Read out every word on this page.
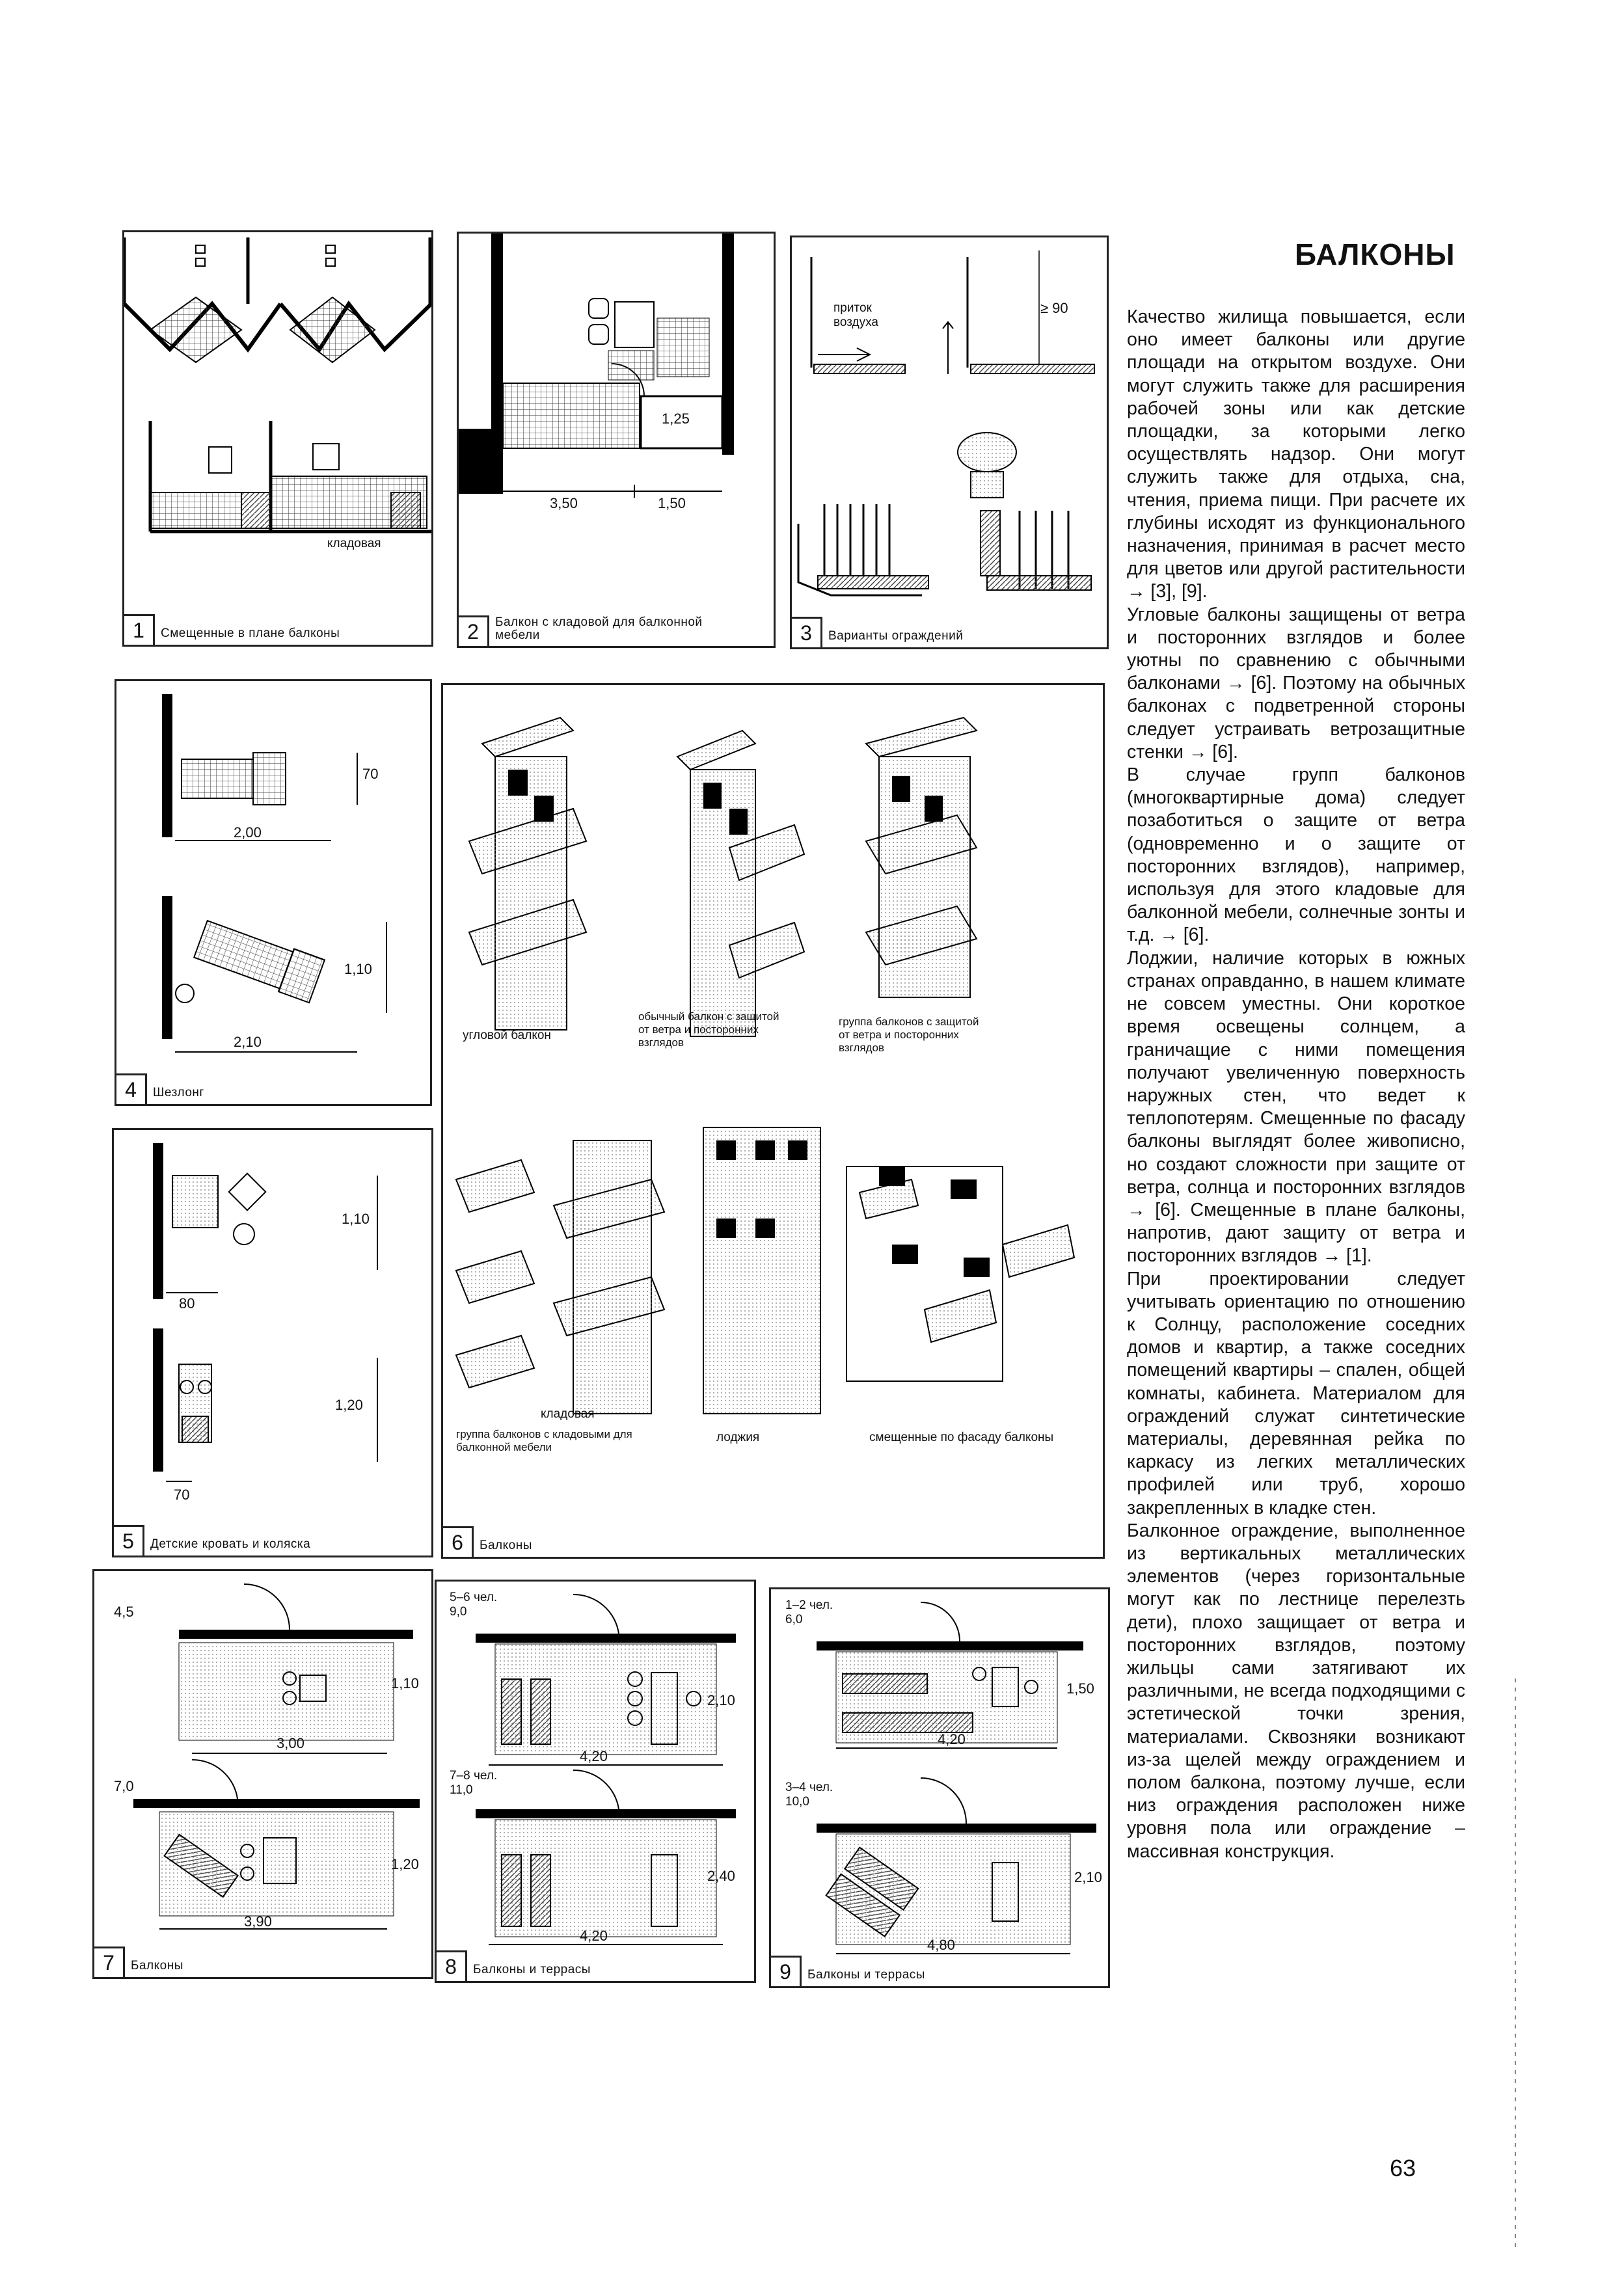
кладовая
1	Смещенные в плане балконы
1,25
3,50	1,50
2	Балкон с кладовой для балконной мебели
приток воздуха
≥ 90
3	Варианты ограждений
70
2,00
1,10
2,10
4	Шезлонг
1,10
80
1,20
70
5	Детские кровать и коляска
угловой балкон
обычный балкон с защитой от ветра и посторонних взглядов
группа балконов с защитой от ветра и посторонних взглядов
кладовая
группа балконов с кладовыми для балконной мебели
лоджия	смещенные по фасаду балконы
6	Балконы
4,5
7,0
1,10
3,00
1,20
3,90
7	Балконы
5–6 чел.
9,0
7–8 чел.
11,0
2,10
4,20
2,40
4,20
8	Балконы и террасы
1–2 чел.
6,0
3–4 чел.
10,0
1,50
4,20
2,10
4,80
9	Балконы и террасы
БАЛКОНЫ

Качество жилища повышается, если оно имеет балконы или другие площади на открытом воздухе. Они могут служить также для расширения рабочей зоны или как детские площадки, за которыми легко осуществлять надзор. Они могут служить также для отдыха, сна, чтения, приема пищи. При расчете их глубины исходят из функционального назначения, принимая в расчет место для цветов или другой растительности → [3], [9].

Угловые балконы защищены от ветра и посторонних взглядов и более уютны по сравнению с обычными балконами → [6]. Поэтому на обычных балконах с подветренной стороны следует устраивать ветрозащитные стенки → [6].

В случае групп балконов (многоквартирные дома) следует позаботиться о защите от ветра (одновременно и о защите от посторонних взглядов), например, используя для этого кладовые для балконной мебели, солнечные зонты и т.д. → [6].

Лоджии, наличие которых в южных странах оправданно, в нашем климате не совсем уместны. Они короткое время освещены солнцем, а граничащие с ними помещения получают увеличенную поверхность наружных стен, что ведет к теплопотерям. Смещенные по фасаду балконы выглядят более живописно, но создают сложности при защите от ветра, солнца и посторонних взглядов → [6]. Смещенные в плане балконы, напротив, дают защиту от ветра и посторонних взглядов → [1].

При проектировании следует учитывать ориентацию по отношению к Солнцу, расположение соседних домов и квартир, а также соседних помещений квартиры – спален, общей комнаты, кабинета. Материалом для ограждений служат синтетические материалы, деревянная рейка по каркасу из легких металлических профилей или труб, хорошо закрепленных в кладке стен.

Балконное ограждение, выполненное из вертикальных металлических элементов (через горизонтальные могут как по лестнице перелезть дети), плохо защищает от ветра и посторонних взглядов, поэтому жильцы сами затягивают их различными, не всегда подходящими с эстетической точки зрения, материалами. Сквозняки возникают из-за щелей между ограждением и полом балкона, поэтому лучше, если низ ограждения расположен ниже уровня пола или ограждение – массивная конструкция.

63
